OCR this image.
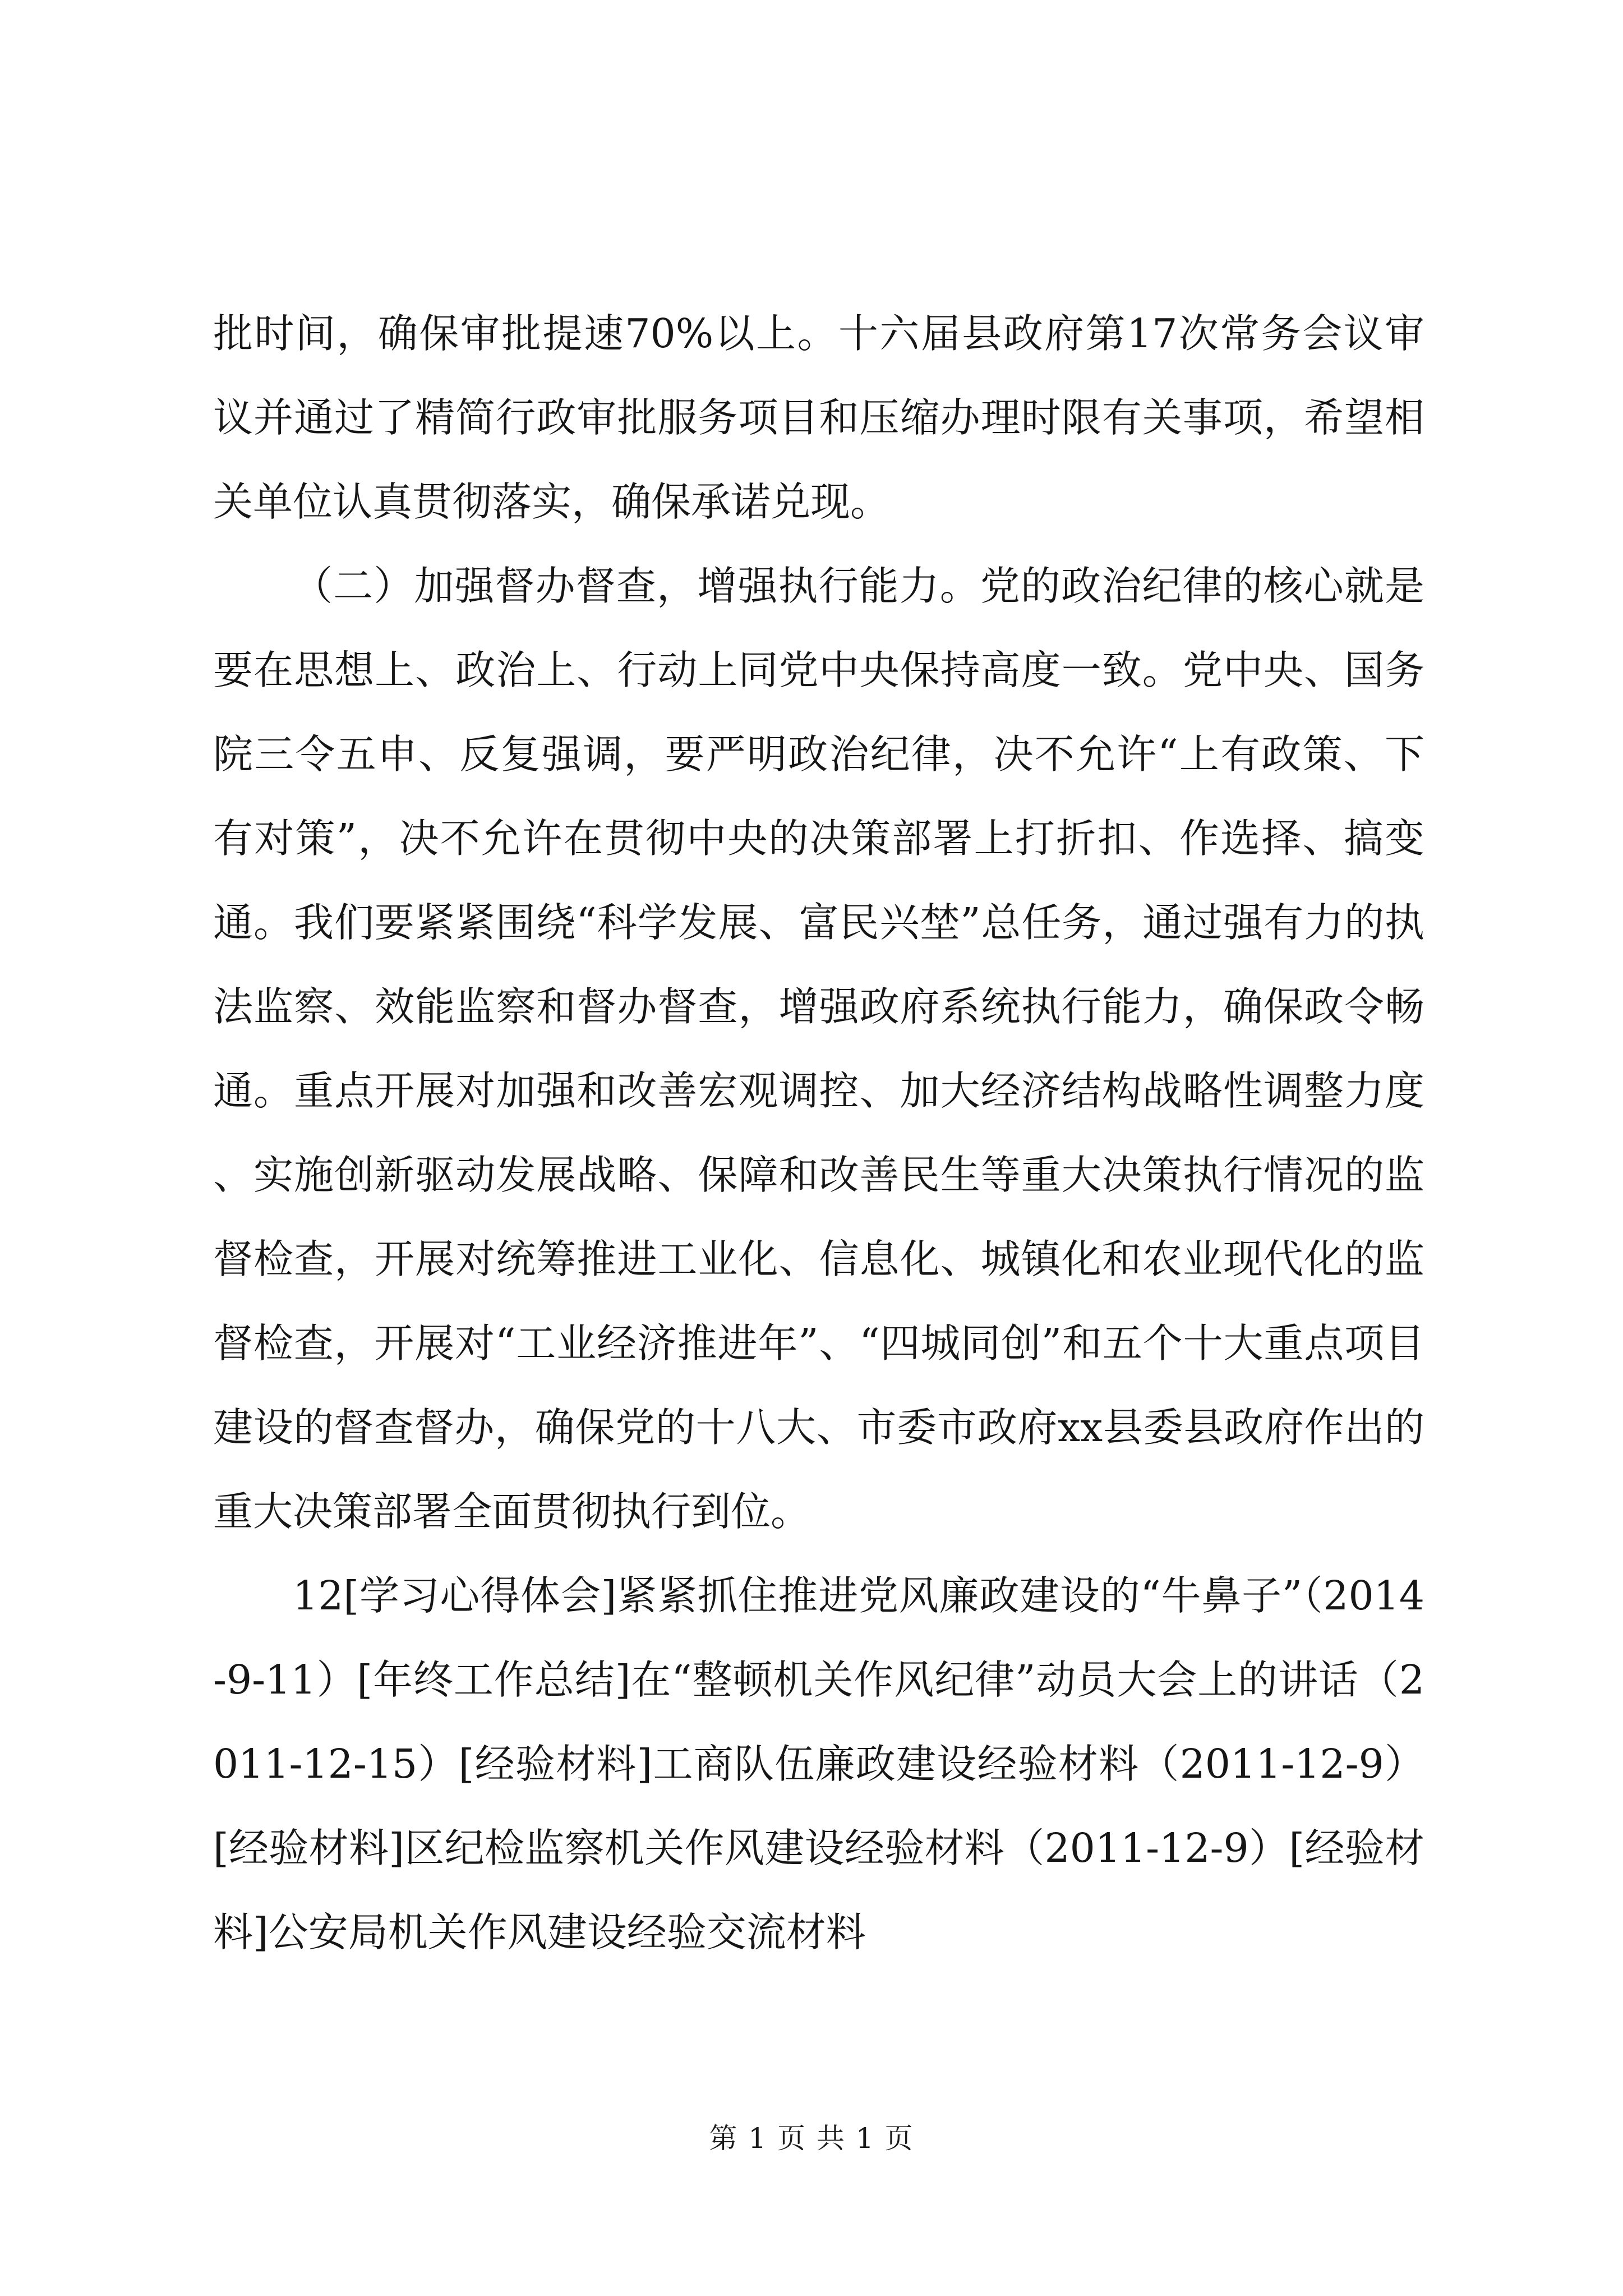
批时间，确保审批提速70%以上。十六届县政府第17次常务会议审议并通过了精简行政审批服务项目和压缩办理时限有关事项，希望相关单位认真贯彻落实，确保承诺兑现。

（二）加强督办督查，增强执行能力。党的政治纪律的核心就是要在思想上、政治上、行动上同党中央保持高度一致。党中央、国务院三令五申、反复强调，要严明政治纪律，决不允许“上有政策、下有对策”，决不允许在贯彻中央的决策部署上打折扣、作选择、搞变通。我们要紧紧围绕“科学发展、富民兴埜”总任务，通过强有力的执法监察、效能监察和督办督查，增强政府系统执行能力，确保政令畅通。重点开展对加强和改善宏观调控、加大经济结构战略性调整力度、实施创新驱动发展战略、保障和改善民生等重大决策执行情况的监督检查，开展对统筹推进工业化、信息化、城镇化和农业现代化的监督检查，开展对“工业经济推进年”、“四城同创”和五个十大重点项目建设的督查督办，确保党的十八大、市委市政府xx县委县政府作出的重大决策部署全面贯彻执行到位。

12[学习心得体会]紧紧抓住推进党风廉政建设的“牛鼻子”（2014-9-11）[年终工作总结]在“整顿机关作风纪律”动员大会上的讲话（2011-12-15）[经验材料]工商队伍廉政建设经验材料（2011-12-9）[经验材料]区纪检监察机关作风建设经验材料（2011-12-9）[经验材料]公安局机关作风建设经验交流材料

第 1 页 共 1 页
